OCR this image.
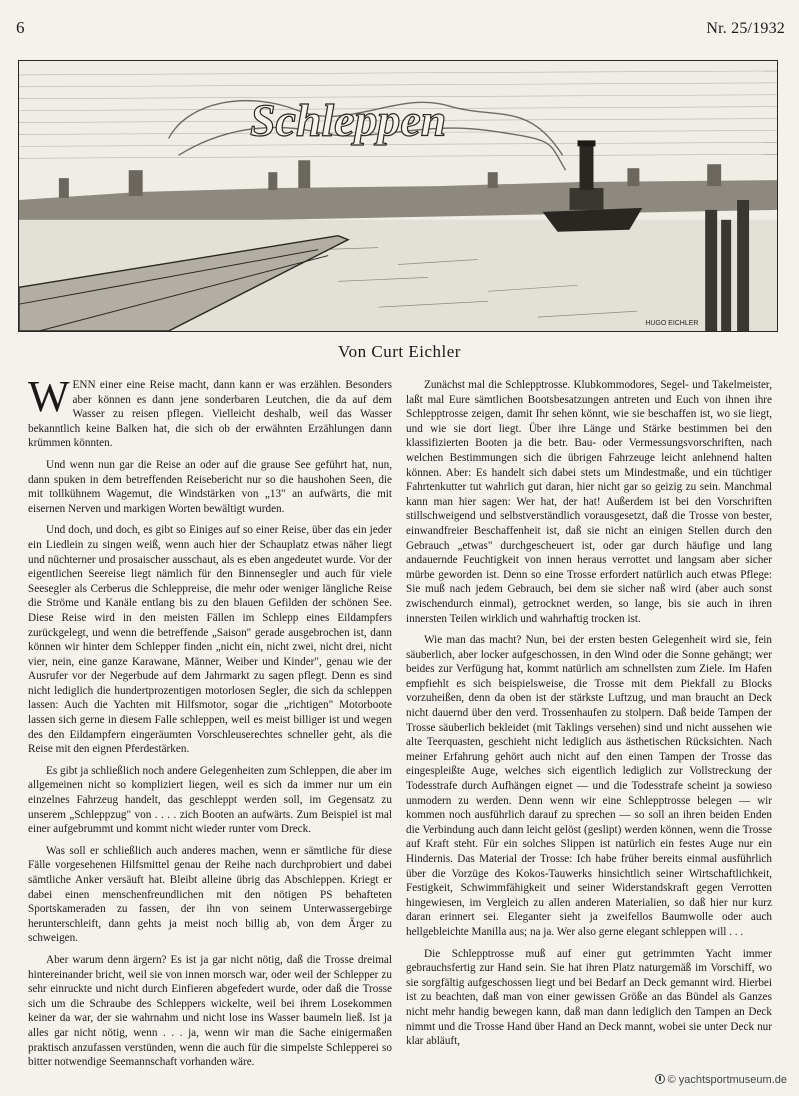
6	Nr. 25/1932
Schleppen
HUGO EICHLER
Von Curt Eichler

WENN einer eine Reise macht, dann kann er was erzählen. Besonders aber können es dann jene sonderbaren Leutchen, die da auf dem Wasser zu reisen pflegen. Vielleicht deshalb, weil das Wasser bekanntlich keine Balken hat, die sich ob der erwähnten Erzählungen dann krümmen könnten.

Und wenn nun gar die Reise an oder auf die grause See geführt hat, nun, dann spuken in dem betreffenden Reisebericht nur so die haushohen Seen, die mit tollkühnem Wagemut, die Windstärken von „13" an aufwärts, die mit eisernen Nerven und markigen Worten bewältigt wurden.

Und doch, und doch, es gibt so Einiges auf so einer Reise, über das ein jeder ein Liedlein zu singen weiß, wenn auch hier der Schauplatz etwas näher liegt und nüchterner und prosaischer ausschaut, als es eben angedeutet wurde. Vor der eigentlichen Seereise liegt nämlich für den Binnensegler und auch für viele Seesegler als Cerberus die Schleppreise, die mehr oder weniger längliche Reise die Ströme und Kanäle entlang bis zu den blauen Gefilden der schönen See. Diese Reise wird in den meisten Fällen im Schlepp eines Eildampfers zurückgelegt, und wenn die betreffende „Saison" gerade ausgebrochen ist, dann können wir hinter dem Schlepper finden „nicht ein, nicht zwei, nicht drei, nicht vier, nein, eine ganze Karawane, Männer, Weiber und Kinder", genau wie der Ausrufer vor der Negerbude auf dem Jahrmarkt zu sagen pflegt. Denn es sind nicht lediglich die hundertprozentigen motorlosen Segler, die sich da schleppen lassen: Auch die Yachten mit Hilfsmotor, sogar die „richtigen" Motorboote lassen sich gerne in diesem Falle schleppen, weil es meist billiger ist und wegen des den Eildampfern eingeräumten Vorschleuserechtes schneller geht, als die Reise mit den eignen Pferdestärken.

Es gibt ja schließlich noch andere Gelegenheiten zum Schleppen, die aber im allgemeinen nicht so kompliziert liegen, weil es sich da immer nur um ein einzelnes Fahrzeug handelt, das geschleppt werden soll, im Gegensatz zu unserem „Schleppzug" von . . . . zich Booten an aufwärts. Zum Beispiel ist mal einer aufgebrummt und kommt nicht wieder runter vom Dreck.

Was soll er schließlich auch anderes machen, wenn er sämtliche für diese Fälle vorgesehenen Hilfsmittel genau der Reihe nach durchprobiert und dabei sämtliche Anker versäuft hat. Bleibt alleine übrig das Abschleppen. Kriegt er dabei einen menschenfreundlichen mit den nötigen PS behafteten Sportskameraden zu fassen, der ihn von seinem Unterwassergebirge herunterschleift, dann gehts ja meist noch billig ab, von dem Ärger zu schweigen.

Aber warum denn ärgern? Es ist ja gar nicht nötig, daß die Trosse dreimal hintereinander bricht, weil sie von innen morsch war, oder weil der Schlepper zu sehr einruckte und nicht durch Einfieren abgefedert wurde, oder daß die Trosse sich um die Schraube des Schleppers wickelte, weil bei ihrem Losekommen keiner da war, der sie wahrnahm und nicht lose ins Wasser baumeln ließ. Ist ja alles gar nicht nötig, wenn . . . ja, wenn wir man die Sache einigermaßen praktisch anzufassen verstünden, wenn die auch für die simpelste Schlepperei so bitter notwendige Seemannschaft vorhanden wäre.

Zunächst mal die Schlepptrosse. Klubkommodores, Segel- und Takelmeister, laßt mal Eure sämtlichen Bootsbesatzungen antreten und Euch von ihnen ihre Schlepptrosse zeigen, damit Ihr sehen könnt, wie sie beschaffen ist, wo sie liegt, und wie sie dort liegt. Über ihre Länge und Stärke bestimmen bei den klassifizierten Booten ja die betr. Bau- oder Vermessungsvorschriften, nach welchen Bestimmungen sich die übrigen Fahrzeuge leicht anlehnend halten können. Aber: Es handelt sich dabei stets um Mindestmaße, und ein tüchtiger Fahrtenkutter tut wahrlich gut daran, hier nicht gar so geizig zu sein. Manchmal kann man hier sagen: Wer hat, der hat! Außerdem ist bei den Vorschriften stillschweigend und selbstverständlich vorausgesetzt, daß die Trosse von bester, einwandfreier Beschaffenheit ist, daß sie nicht an einigen Stellen durch den Gebrauch „etwas" durchgescheuert ist, oder gar durch häufige und lang andauernde Feuchtigkeit von innen heraus verrottet und langsam aber sicher mürbe geworden ist. Denn so eine Trosse erfordert natürlich auch etwas Pflege: Sie muß nach jedem Gebrauch, bei dem sie sicher naß wird (aber auch sonst zwischendurch einmal), getrocknet werden, so lange, bis sie auch in ihren innersten Teilen wirklich und wahrhaftig trocken ist.

Wie man das macht? Nun, bei der ersten besten Gelegenheit wird sie, fein säuberlich, aber locker aufgeschossen, in den Wind oder die Sonne gehängt; wer beides zur Verfügung hat, kommt natürlich am schnellsten zum Ziele. Im Hafen empfiehlt es sich beispielsweise, die Trosse mit dem Piekfall zu Blocks vorzuheißen, denn da oben ist der stärkste Luftzug, und man braucht an Deck nicht dauernd über den verd. Trossenhaufen zu stolpern. Daß beide Tampen der Trosse säuberlich bekleidet (mit Taklings versehen) sind und nicht aussehen wie alte Teerquasten, geschieht nicht lediglich aus ästhetischen Rücksichten. Nach meiner Erfahrung gehört auch nicht auf den einen Tampen der Trosse das eingespleißte Auge, welches sich eigentlich lediglich zur Vollstreckung der Todesstrafe durch Aufhängen eignet — und die Todesstrafe scheint ja sowieso unmodern zu werden. Denn wenn wir eine Schlepptrosse belegen — wir kommen noch ausführlich darauf zu sprechen — so soll an ihren beiden Enden die Verbindung auch dann leicht gelöst (geslipt) werden können, wenn die Trosse auf Kraft steht. Für ein solches Slippen ist natürlich ein festes Auge nur ein Hindernis. Das Material der Trosse: Ich habe früher bereits einmal ausführlich über die Vorzüge des Kokos-Tauwerks hinsichtlich seiner Wirtschaftlichkeit, Festigkeit, Schwimmfähigkeit und seiner Widerstandskraft gegen Verrotten hingewiesen, im Vergleich zu allen anderen Materialien, so daß hier nur kurz daran erinnert sei. Eleganter sieht ja zweifellos Baumwolle oder auch hellgebleichte Manilla aus; na ja. Wer also gerne elegant schleppen will . . .

Die Schlepptrosse muß auf einer gut getrimmten Yacht immer gebrauchsfertig zur Hand sein. Sie hat ihren Platz naturgemäß im Vorschiff, wo sie sorgfältig aufgeschossen liegt und bei Bedarf an Deck gemannt wird. Hierbei ist zu beachten, daß man von einer gewissen Größe an das Bündel als Ganzes nicht mehr handig bewegen kann, daß man dann lediglich den Tampen an Deck nimmt und die Trosse Hand über Hand an Deck mannt, wobei sie unter Deck nur klar abläuft,

© yachtsportmuseum.de
